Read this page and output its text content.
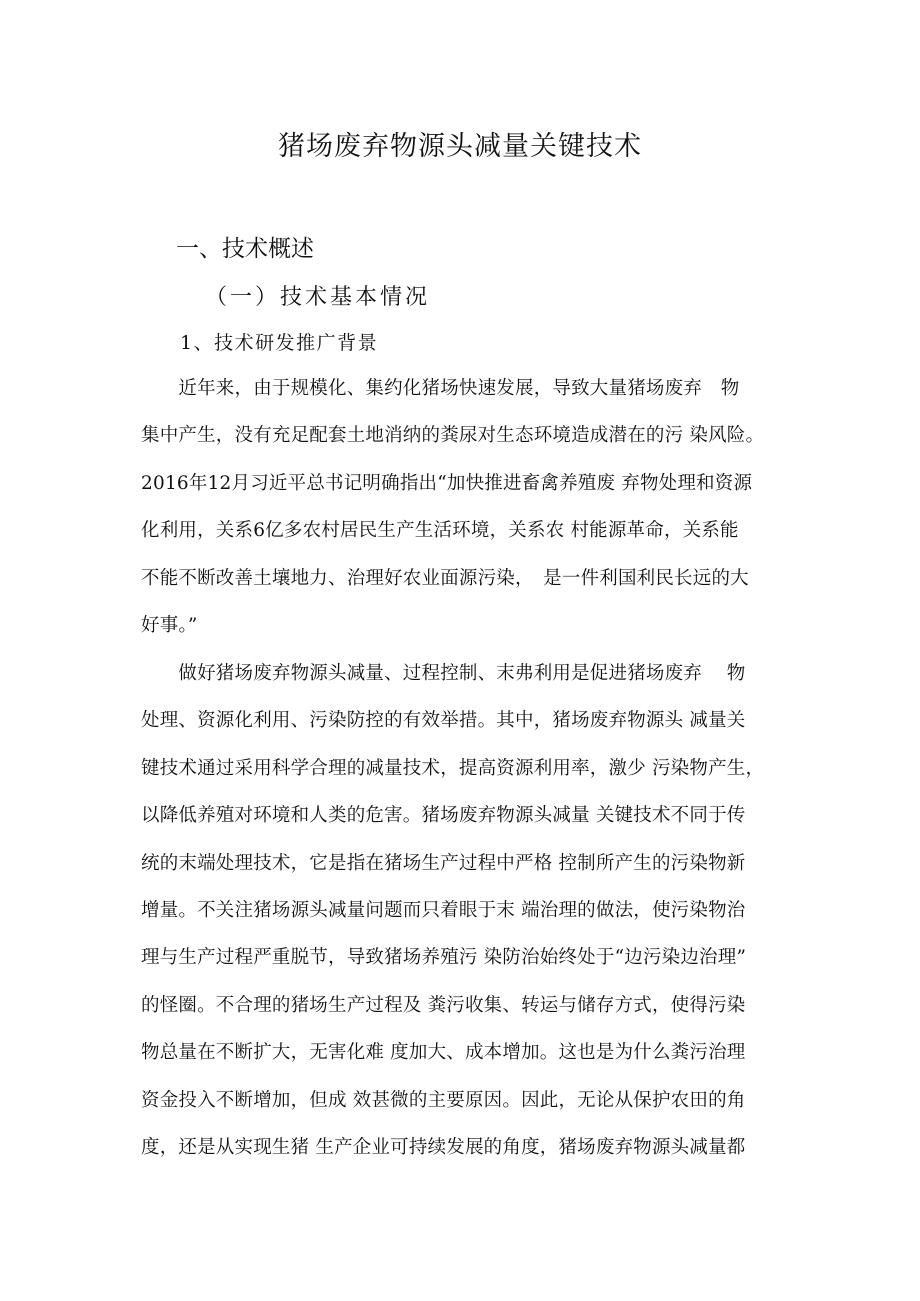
猪场废弃物源头减量关键技术
一、技术概述
（一）技术基本情况
1、技术研发推广背景

　　近年来，由于规模化、集约化猪场快速发展，导致大量猪场废弃　物
集中产生，没有充足配套土地消纳的粪尿对生态环境造成潜在的污 染风险。
2016年12月习近平总书记明确指出“加快推进畜禽养殖废 弃物处理和资源
化利用，关系6亿多农村居民生产生活环境，关系农 村能源革命，关系能
不能不断改善土壤地力、治理好农业面源污染，　是一件利国利民长远的大
好事。”

　　做好猪场废弃物源头减量、过程控制、末弗利用是促进猪场废弃　 物
处理、资源化利用、污染防控的有效举措。其中，猪场废弃物源头 减量关
键技术通过采用科学合理的减量技术，提高资源利用率，激少 污染物产生，
以降低养殖对环境和人类的危害。猪场废弃物源头减量 关键技术不同于传
统的末端处理技术，它是指在猪场生产过程中严格 控制所产生的污染物新
增量。不关注猪场源头减量问题而只着眼于末 端治理的做法，使污染物治
理与生产过程严重脱节，导致猪场养殖污 染防治始终处于“边污染边治理”
的怪圈。不合理的猪场生产过程及 粪污收集、转运与储存方式，使得污染
物总量在不断扩大，无害化难 度加大、成本增加。这也是为什么粪污治理
资金投入不断增加，但成 效甚微的主要原因。因此，无论从保护农田的角
度，还是从实现生猪 生产企业可持续发展的角度，猪场废弃物源头减量都
